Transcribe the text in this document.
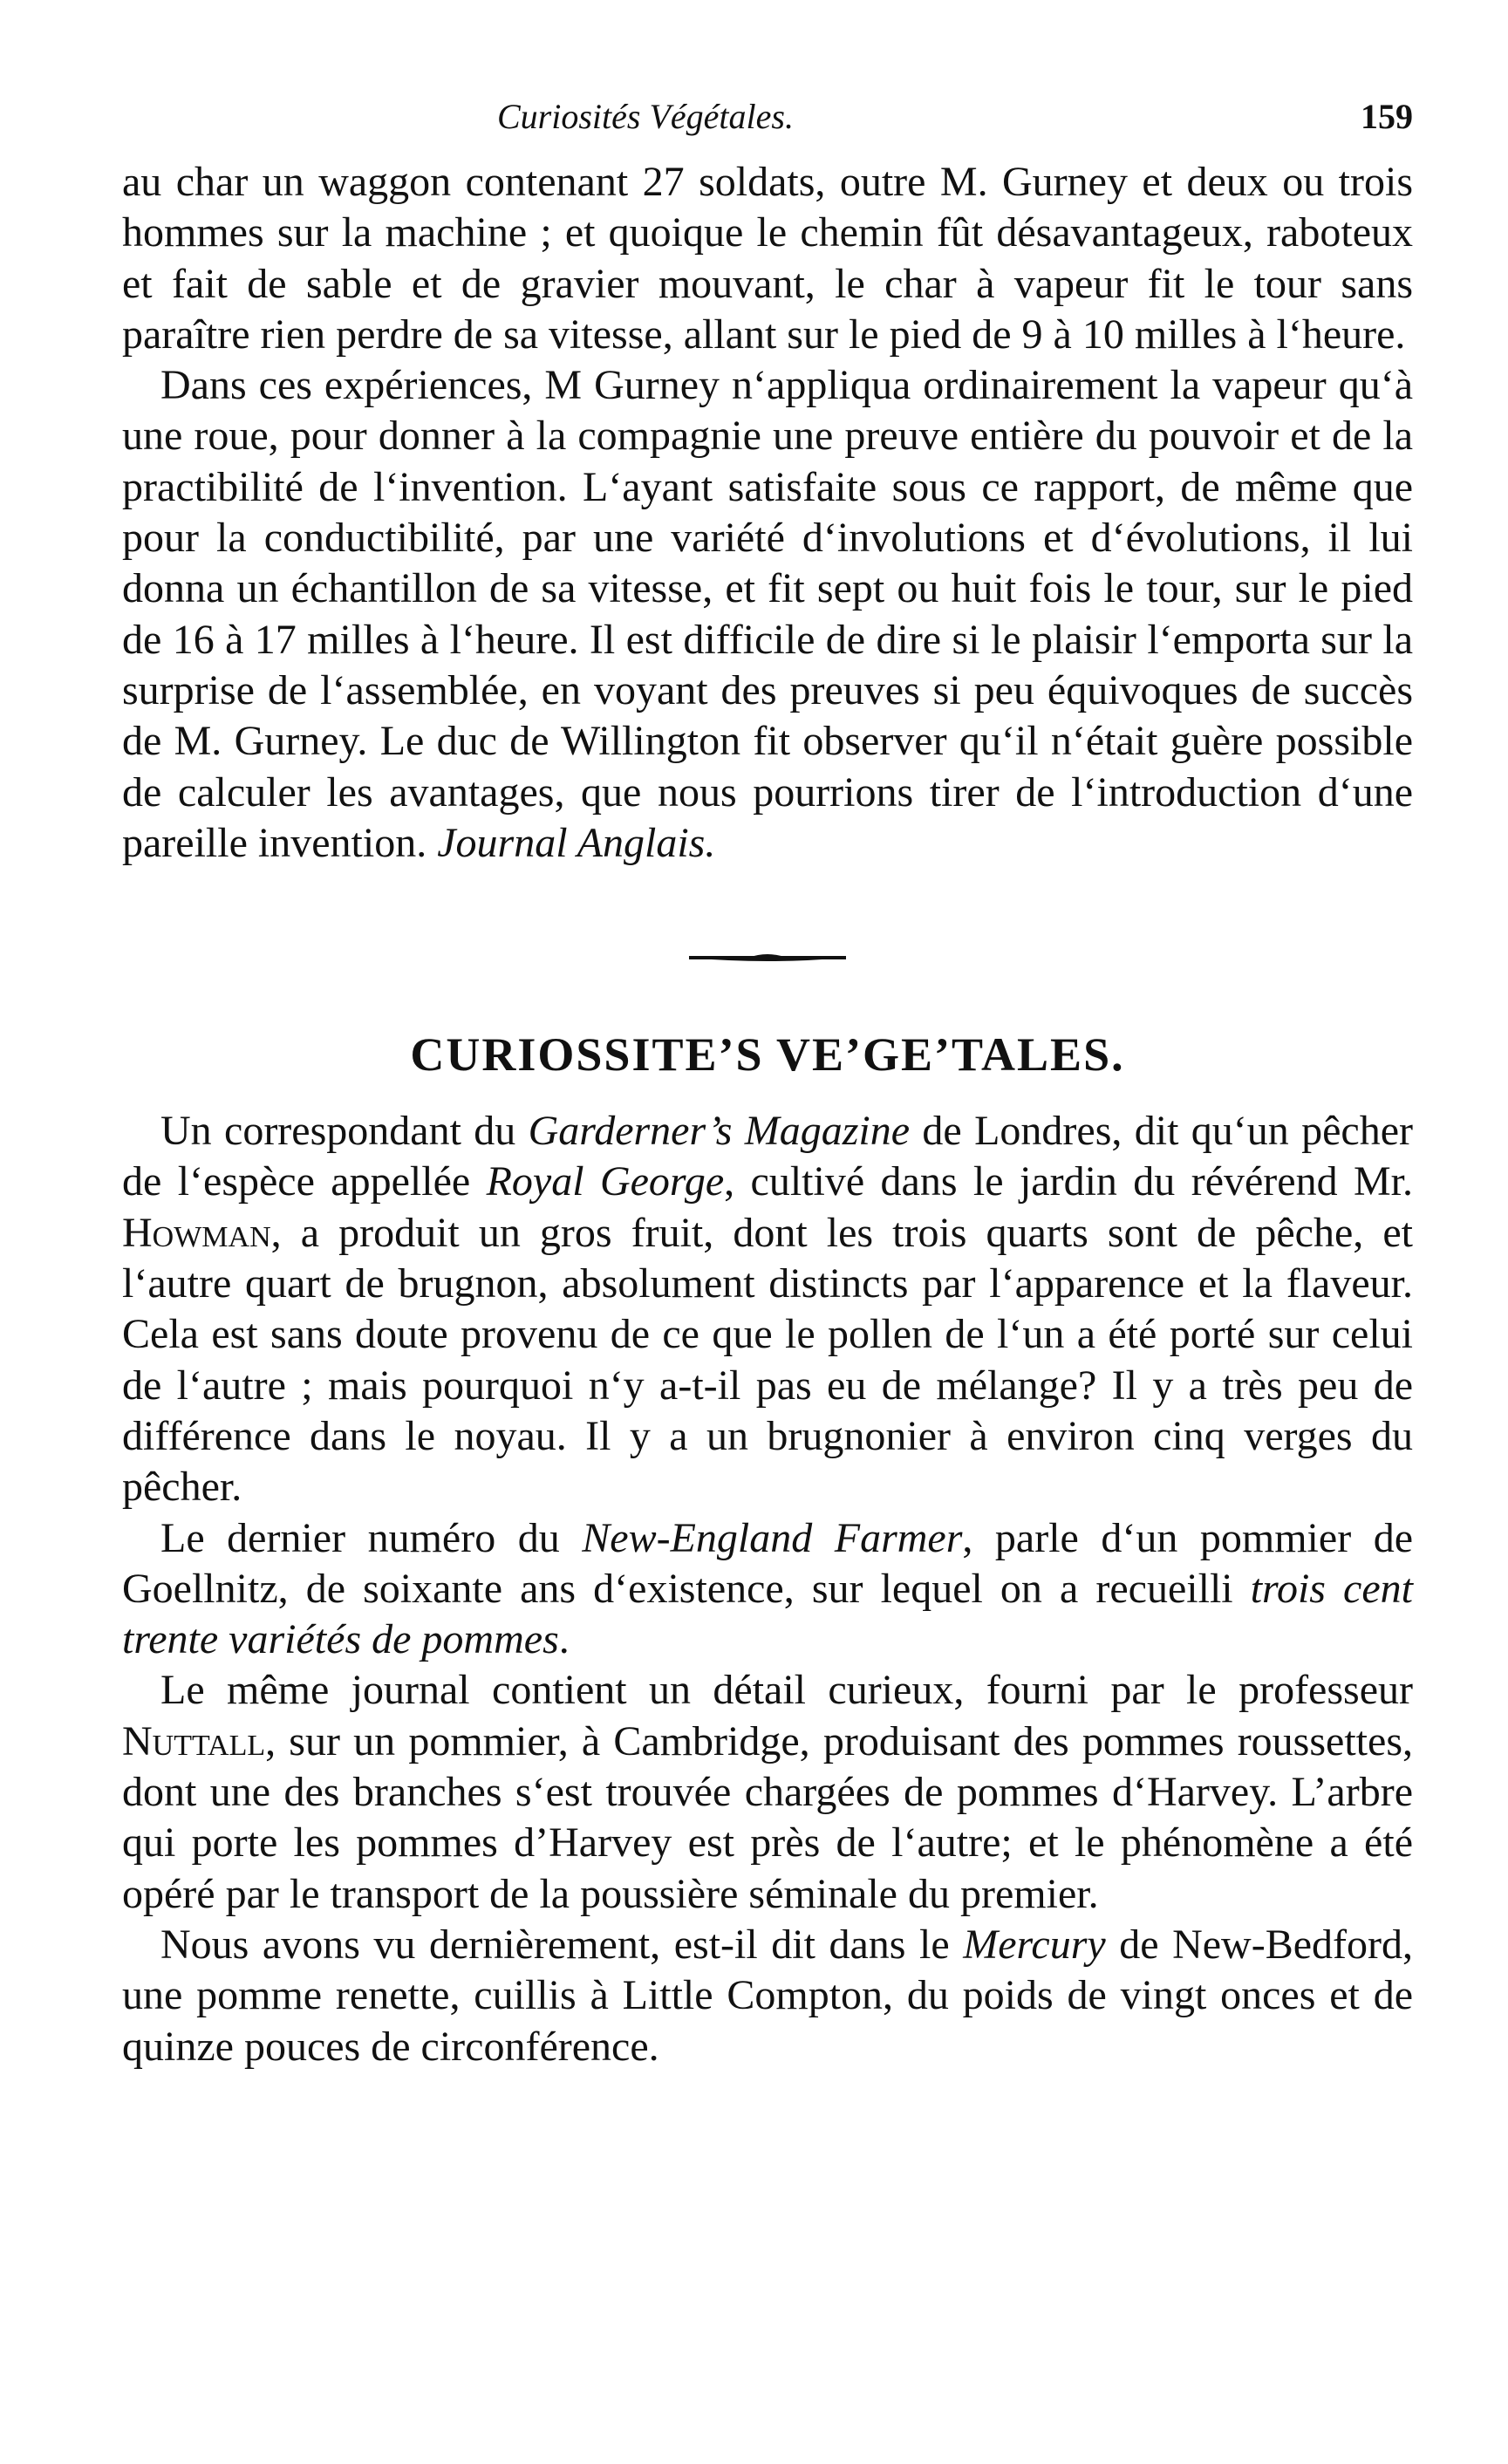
Curiosités Végétales.	159

au char un waggon contenant 27 soldats, outre M. Gurney et deux ou trois hommes sur la machine ; et quoique le chemin fût désavantageux, raboteux et fait de sable et de gravier mouvant, le char à vapeur fit le tour sans paraître rien perdre de sa vitesse, allant sur le pied de 9 à 10 milles à l‘heure.

Dans ces expériences, M Gurney n‘appliqua ordinairement la vapeur qu‘à une roue, pour donner à la compagnie une preuve entière du pouvoir et de la practibilité de l‘invention. L‘ayant satisfaite sous ce rapport, de même que pour la conductibilité, par une variété d‘involutions et d‘évolutions, il lui donna un échantillon de sa vitesse, et fit sept ou huit fois le tour, sur le pied de 16 à 17 milles à l‘heure. Il est difficile de dire si le plaisir l‘emporta sur la surprise de l‘assemblée, en voyant des preuves si peu équivoques de succès de M. Gurney. Le duc de Willington fit observer qu‘il n‘était guère possible de calculer les avantages, que nous pourrions tirer de l‘introduction d‘une pareille invention. Journal Anglais.

CURIOSSITE’S VE’GE’TALES.

Un correspondant du Garderner’s Magazine de Londres, dit qu‘un pêcher de l‘espèce appellée Royal George, cultivé dans le jardin du révérend Mr. Howman, a produit un gros fruit, dont les trois quarts sont de pêche, et l‘autre quart de brugnon, absolument distincts par l‘apparence et la flaveur. Cela est sans doute provenu de ce que le pollen de l‘un a été porté sur celui de l‘autre ; mais pourquoi n‘y a-t-il pas eu de mélange? Il y a très peu de différence dans le noyau. Il y a un brugnonier à environ cinq verges du pêcher.

Le dernier numéro du New-England Farmer, parle d‘un pommier de Goellnitz, de soixante ans d‘existence, sur lequel on a recueilli trois cent trente variétés de pommes.

Le même journal contient un détail curieux, fourni par le professeur Nuttall, sur un pommier, à Cambridge, produisant des pommes roussettes, dont une des branches s‘est trouvée chargées de pommes d‘Harvey. L’arbre qui porte les pommes d’Harvey est près de l‘autre; et le phénomène a été opéré par le transport de la poussière séminale du premier.

Nous avons vu dernièrement, est-il dit dans le Mercury de New-Bedford, une pomme renette, cuillis à Little Compton, du poids de vingt onces et de quinze pouces de circonférence.
